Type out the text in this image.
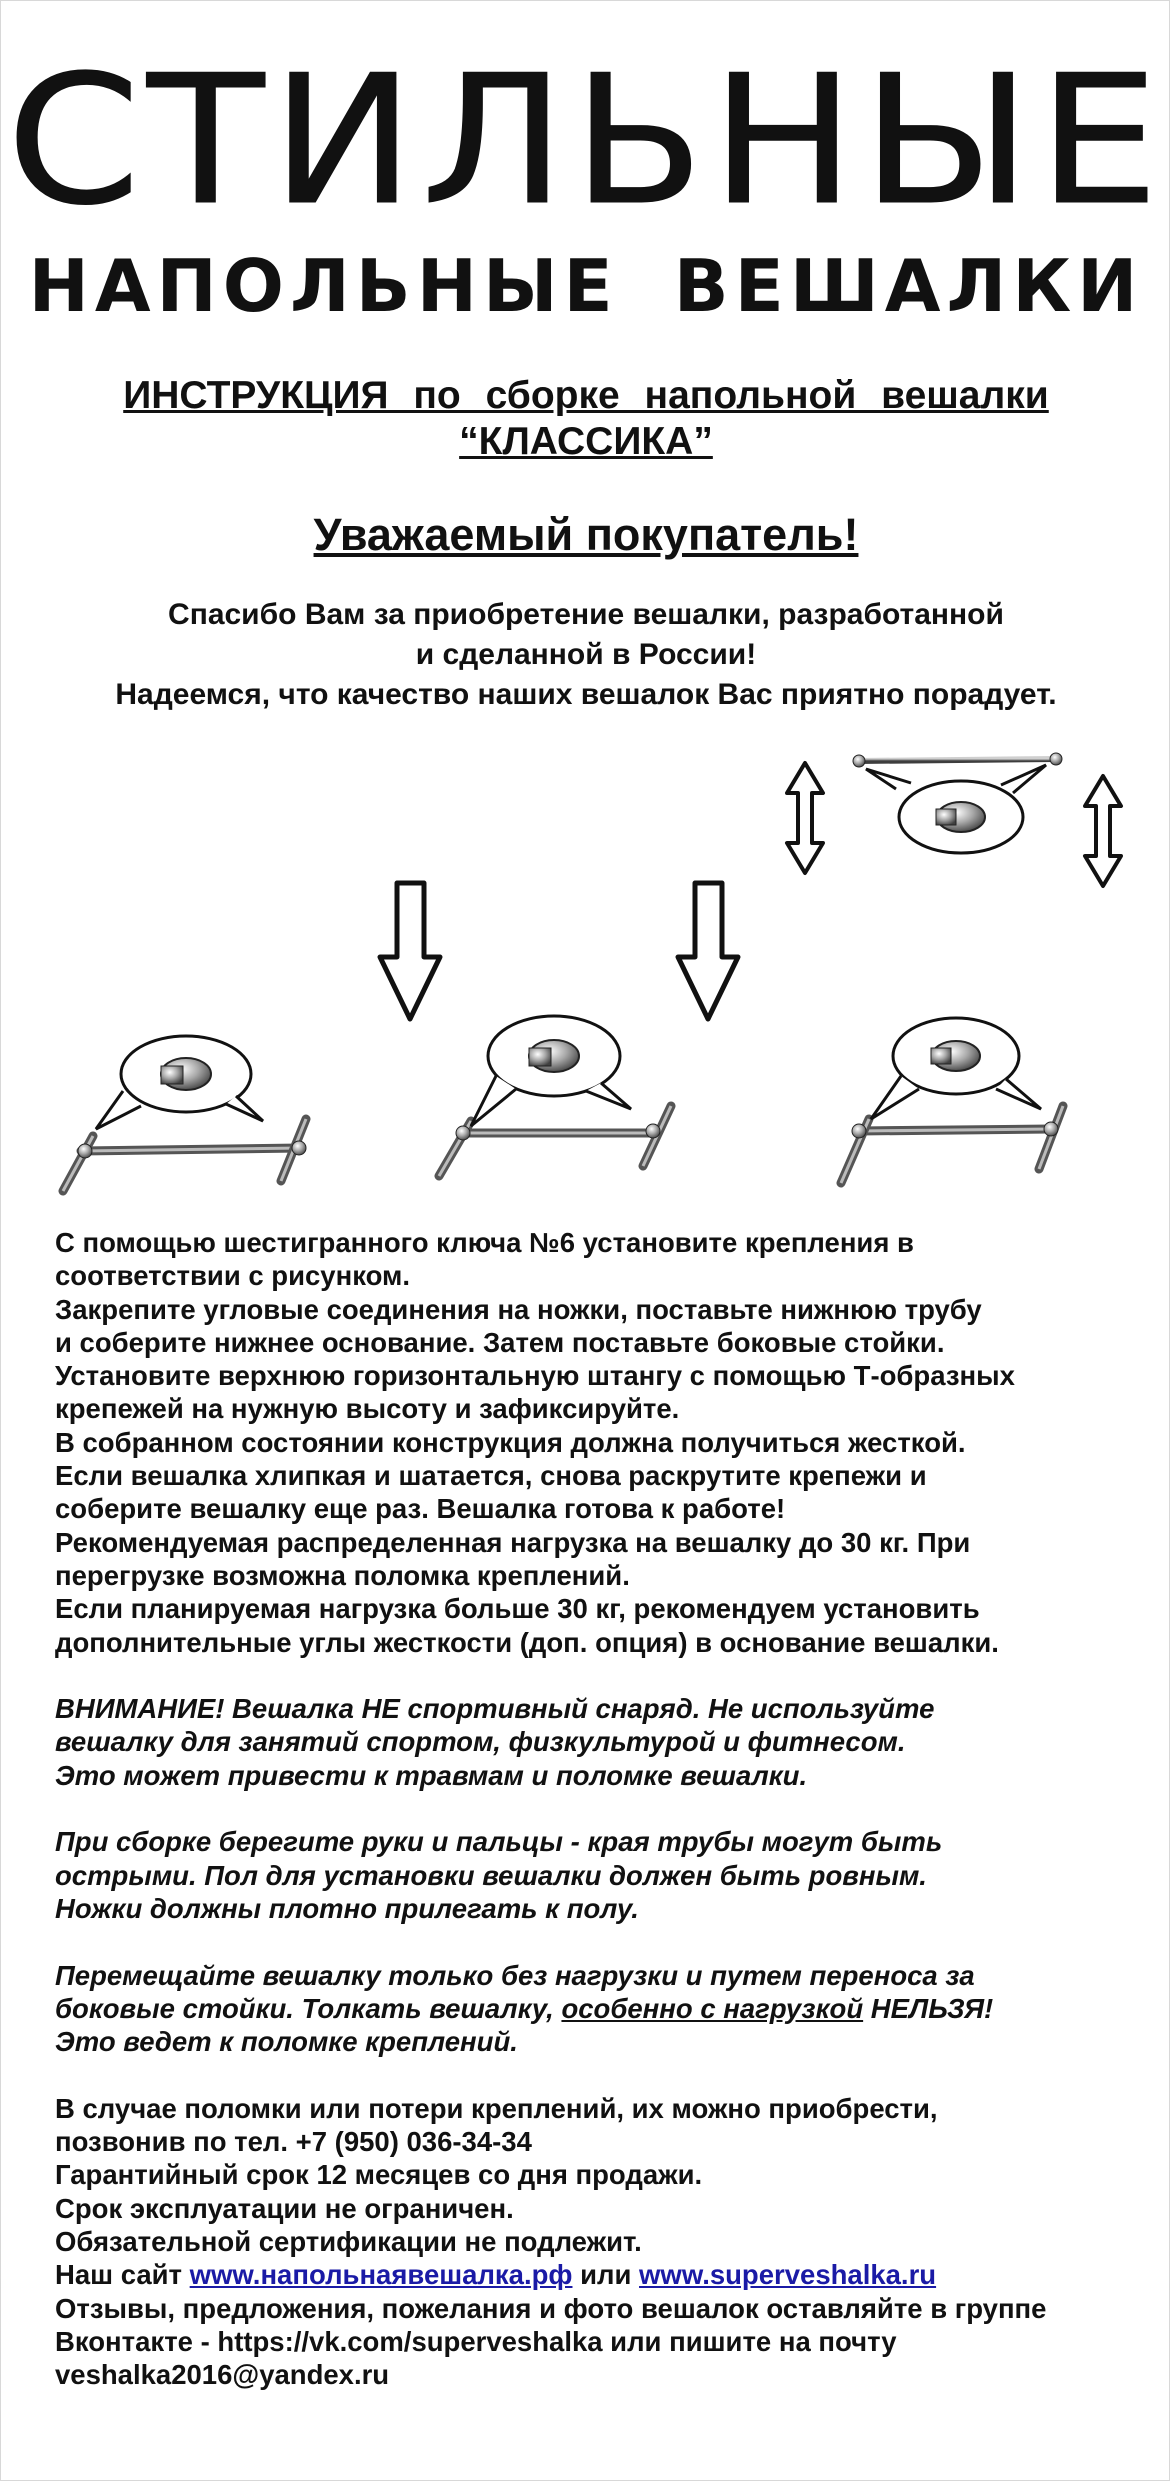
СТИЛЬНЫЕ
НАПОЛЬНЫЕ ВЕШАЛКИ
ИНСТРУКЦИЯ по сборке напольной вешалки
“КЛАССИКА”
Уважаемый покупатель!
Спасибо Вам за приобретение вешалки, разработанной
и сделанной в России!
Надеемся, что качество наших вешалок Вас приятно порадует.
С помощью шестигранного ключа №6 установите крепления в
соответствии с рисунком.
Закрепите угловые соединения на ножки, поставьте нижнюю трубу
и соберите нижнее основание. Затем поставьте боковые стойки.
Установите верхнюю горизонтальную штангу с помощью Т-образных
крепежей на нужную высоту и зафиксируйте.
В собранном состоянии конструкция должна получиться жесткой.
Если вешалка хлипкая и шатается, снова раскрутите крепежи и
соберите вешалку еще раз. Вешалка готова к работе!
Рекомендуемая распределенная нагрузка на вешалку до 30 кг. При
перегрузке возможна поломка креплений.
Если планируемая нагрузка больше 30 кг, рекомендуем установить
дополнительные углы жесткости (доп. опция) в основание вешалки.
ВНИМАНИЕ! Вешалка НЕ спортивный снаряд. Не используйте
вешалку для занятий спортом, физкультурой и фитнесом.
Это может привести к травмам и поломке вешалки.
При сборке берегите руки и пальцы - края трубы могут быть
острыми. Пол для установки вешалки должен быть ровным.
Ножки должны плотно прилегать к полу.
Перемещайте вешалку только без нагрузки и путем переноса за
боковые стойки. Толкать вешалку, особенно с нагрузкой НЕЛЬЗЯ!
Это ведет к поломке креплений.
В случае поломки или потери креплений, их можно приобрести,
позвонив по тел. +7 (950) 036-34-34
Гарантийный срок 12 месяцев со дня продажи.
Срок эксплуатации не ограничен.
Обязательной сертификации не подлежит.
Наш сайт www.напольнаявешалка.рф или www.superveshalka.ru
Отзывы, предложения, пожелания и фото вешалок оставляйте в группе
Вконтакте - https://vk.com/superveshalka или пишите на почту
veshalka2016@yandex.ru
